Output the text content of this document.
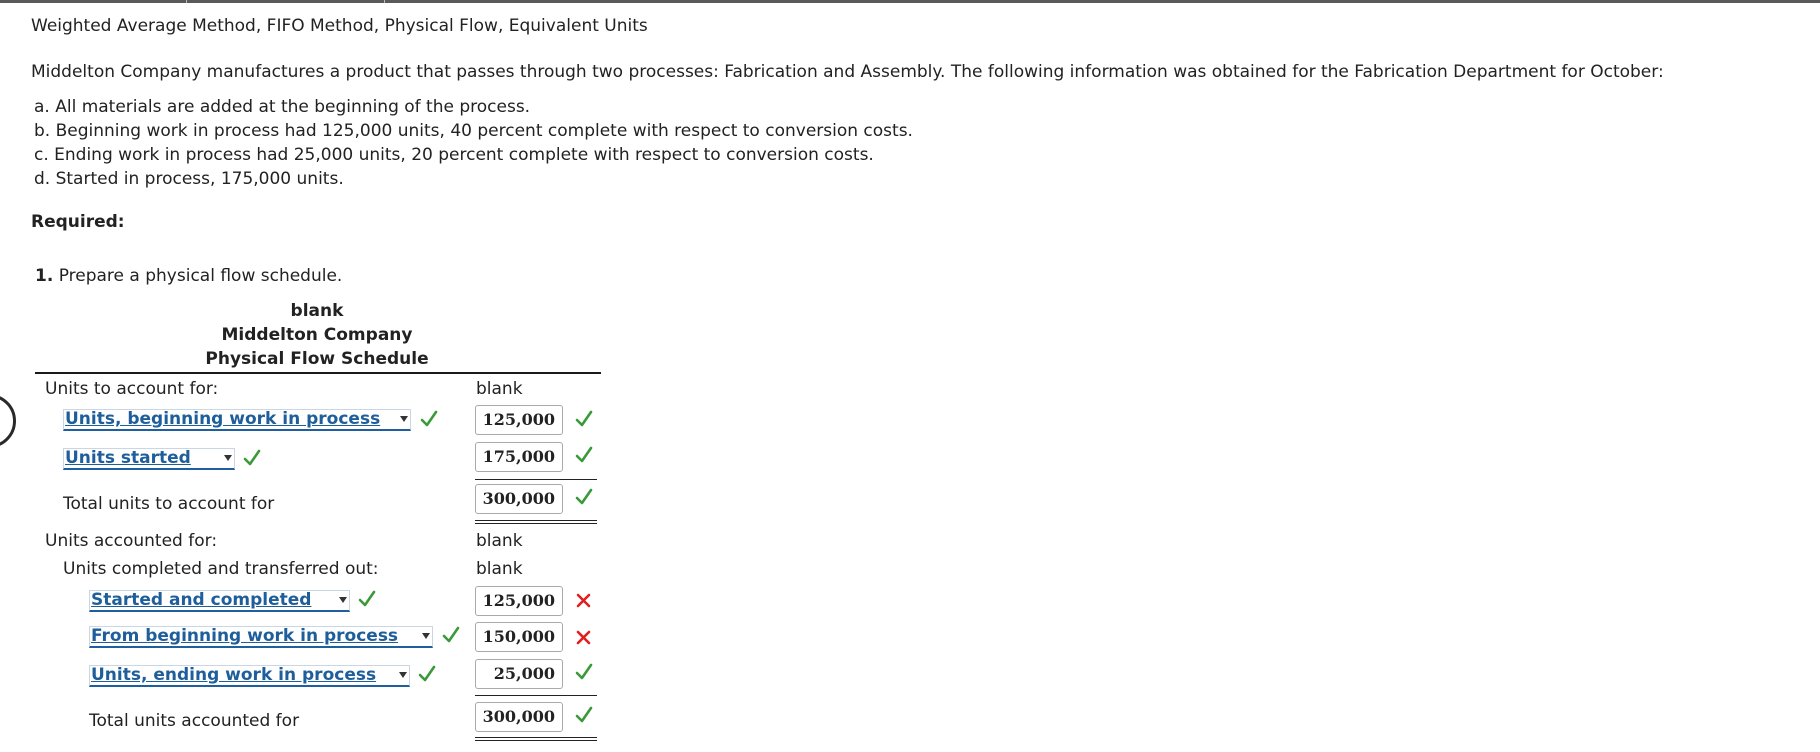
Weighted Average Method, FIFO Method, Physical Flow, Equivalent Units
Middelton Company manufactures a product that passes through two processes: Fabrication and Assembly. The following information was obtained for the Fabrication Department for October:
a. All materials are added at the beginning of the process.
b. Beginning work in process had 125,000 units, 40 percent complete with respect to conversion costs.
c. Ending work in process had 25,000 units, 20 percent complete with respect to conversion costs.
d. Started in process, 175,000 units.
Required:
1. Prepare a physical flow schedule.
blank
Middelton Company
Physical Flow Schedule
Units to account for:	blank
Units, beginning work in process	125,000
Units started	175,000
Total units to account for	300,000
Units accounted for:	blank
Units completed and transferred out:	blank
Started and completed	125,000
From beginning work in process	150,000
Units, ending work in process	25,000
Total units accounted for	300,000
